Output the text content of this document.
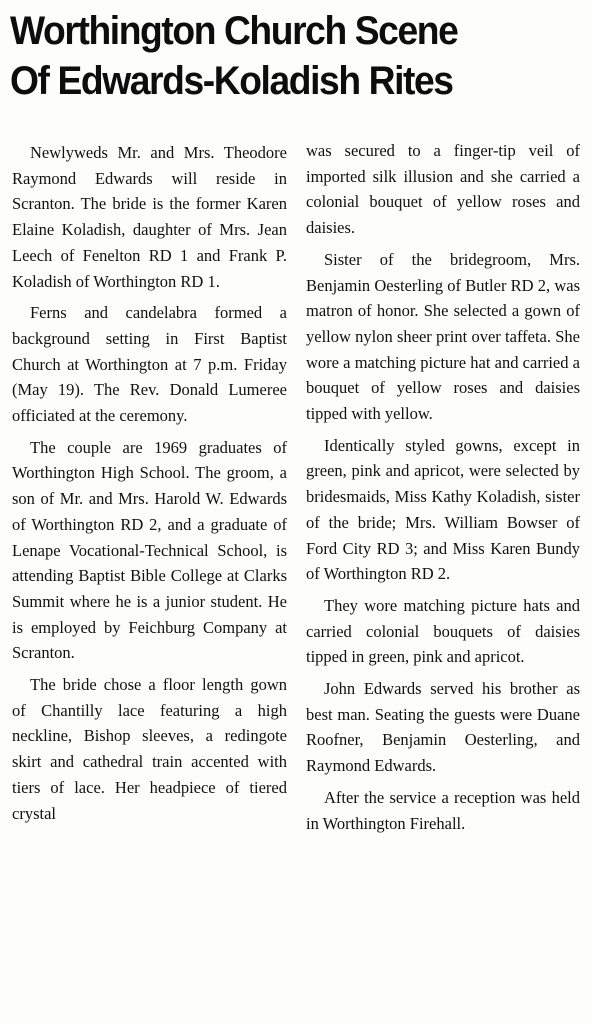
Worthington Church Scene
Of Edwards-Koladish Rites

Newlyweds Mr. and Mrs. Theodore Raymond Edwards will reside in Scranton. The bride is the former Karen Elaine Koladish, daughter of Mrs. Jean Leech of Fenelton RD 1 and Frank P. Koladish of Worthington RD 1.

Ferns and candelabra formed a background setting in First Baptist Church at Worthington at 7 p.m. Friday (May 19). The Rev. Donald Lumeree officiated at the ceremony.

The couple are 1969 graduates of Worthington High School. The groom, a son of Mr. and Mrs. Harold W. Edwards of Worthington RD 2, and a graduate of Lenape Vocational-Technical School, is attending Baptist Bible College at Clarks Summit where he is a junior student. He is employed by Feichburg Company at Scranton.

The bride chose a floor length gown of Chantilly lace featuring a high neckline, Bishop sleeves, a redingote skirt and cathedral train accented with tiers of lace. Her headpiece of tiered crystal

was secured to a finger-tip veil of imported silk illusion and she carried a colonial bouquet of yellow roses and daisies.

Sister of the bridegroom, Mrs. Benjamin Oesterling of Butler RD 2, was matron of honor. She selected a gown of yellow nylon sheer print over taffeta. She wore a matching picture hat and carried a bouquet of yellow roses and daisies tipped with yellow.

Identically styled gowns, except in green, pink and apricot, were selected by bridesmaids, Miss Kathy Koladish, sister of the bride; Mrs. William Bowser of Ford City RD 3; and Miss Karen Bundy of Worthington RD 2.

They wore matching picture hats and carried colonial bouquets of daisies tipped in green, pink and apricot.

John Edwards served his brother as best man. Seating the guests were Duane Roofner, Benjamin Oesterling, and Raymond Edwards.

After the service a reception was held in Worthington Firehall.
